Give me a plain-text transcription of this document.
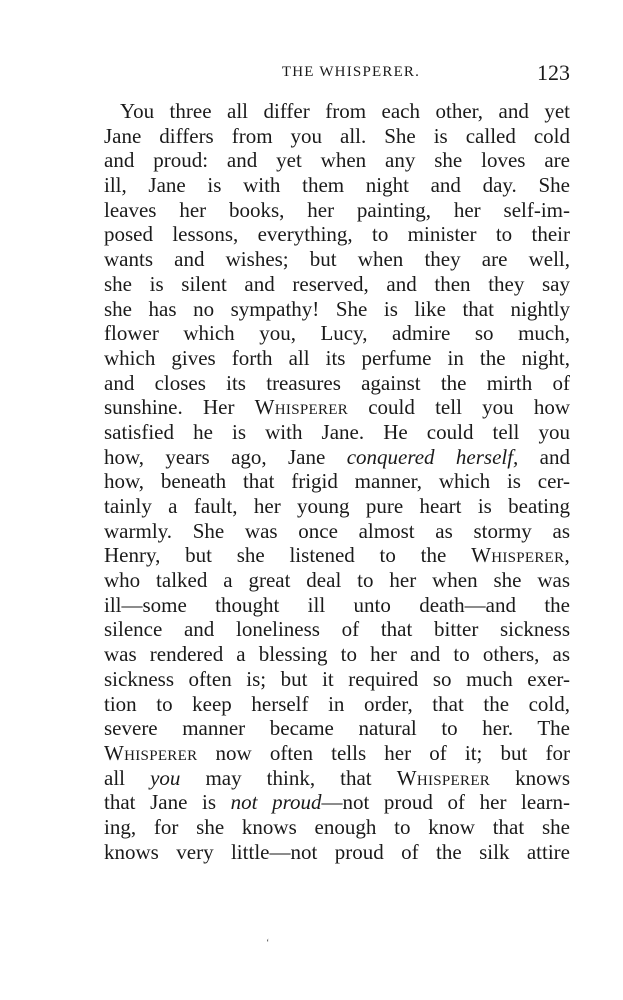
THE WHISPERER.	123
You three all differ from each other, and yet
Jane differs from you all. She is called cold
and proud: and yet when any she loves are
ill, Jane is with them night and day. She
leaves her books, her painting, her self-im-
posed lessons, everything, to minister to their
wants and wishes; but when they are well,
she is silent and reserved, and then they say
she has no sympathy! She is like that nightly
flower which you, Lucy, admire so much,
which gives forth all its perfume in the night,
and closes its treasures against the mirth of
sunshine. Her Whisperer could tell you how
satisfied he is with Jane. He could tell you
how, years ago, Jane conquered herself, and
how, beneath that frigid manner, which is cer-
tainly a fault, her young pure heart is beating
warmly. She was once almost as stormy as
Henry, but she listened to the Whisperer,
who talked a great deal to her when she was
ill—some thought ill unto death—and the
silence and loneliness of that bitter sickness
was rendered a blessing to her and to others, as
sickness often is; but it required so much exer-
tion to keep herself in order, that the cold,
severe manner became natural to her. The
Whisperer now often tells her of it; but for
all you may think, that Whisperer knows
that Jane is not proud—not proud of her learn-
ing, for she knows enough to know that she
knows very little—not proud of the silk attire
‘
